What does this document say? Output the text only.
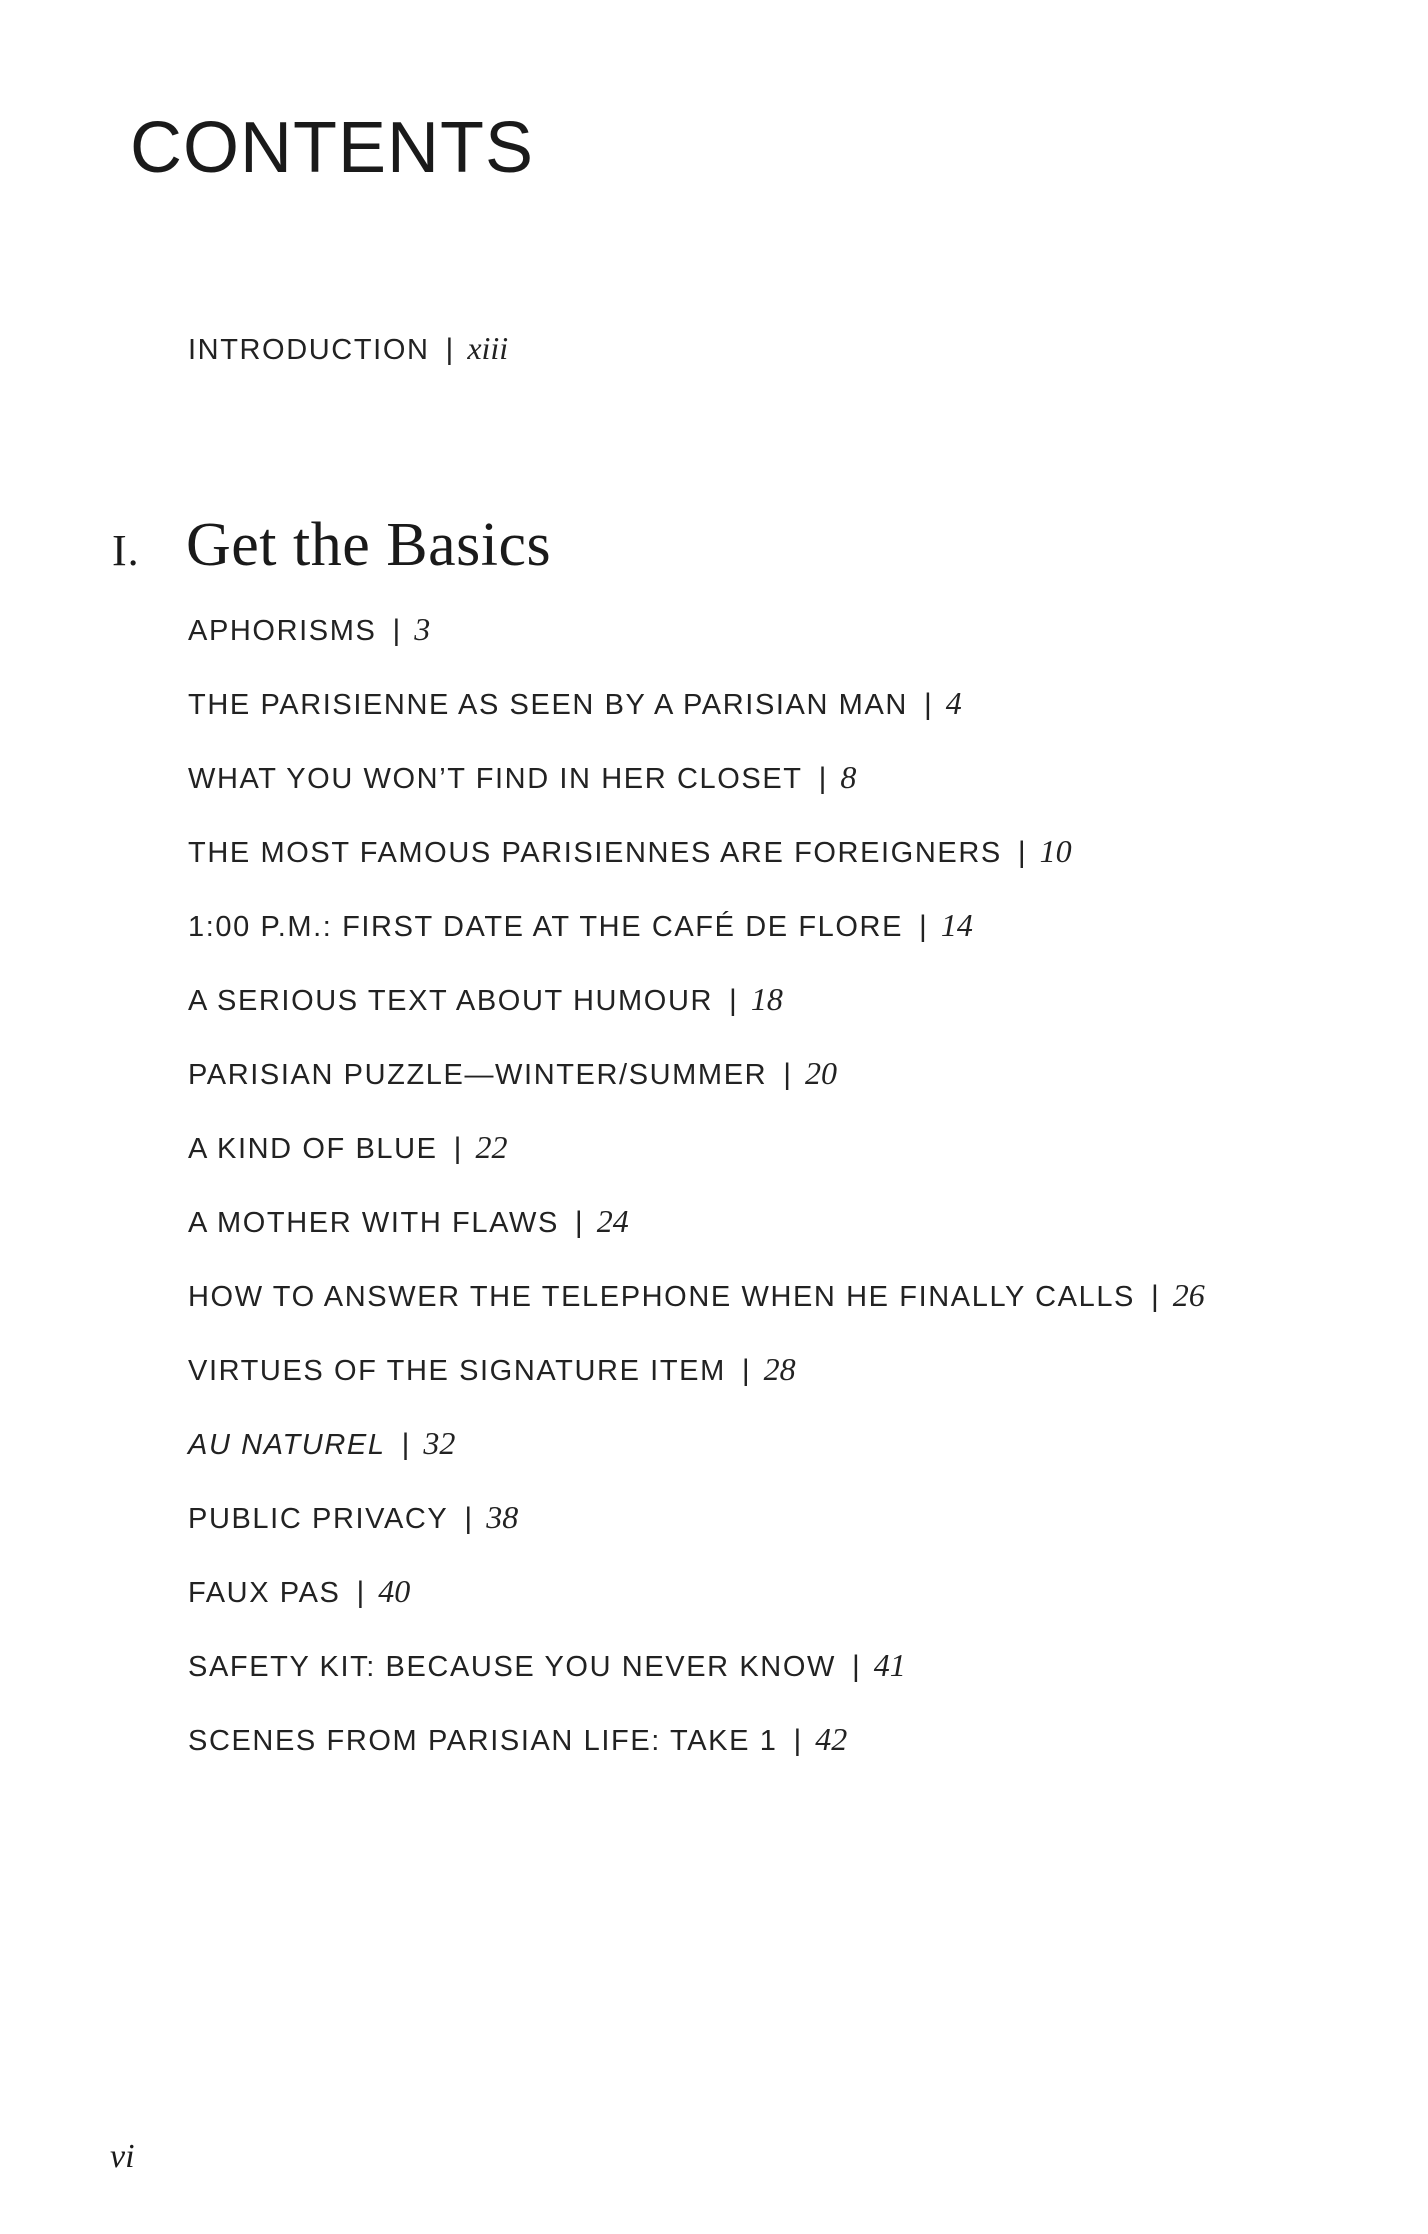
CONTENTS
INTRODUCTION | xiii
I. Get the Basics
APHORISMS | 3
THE PARISIENNE AS SEEN BY A PARISIAN MAN | 4
WHAT YOU WON’T FIND IN HER CLOSET | 8
THE MOST FAMOUS PARISIENNES ARE FOREIGNERS | 10
1:00 P.M.: FIRST DATE AT THE CAFÉ DE FLORE | 14
A SERIOUS TEXT ABOUT HUMOUR | 18
PARISIAN PUZZLE—WINTER/SUMMER | 20
A KIND OF BLUE | 22
A MOTHER WITH FLAWS | 24
HOW TO ANSWER THE TELEPHONE WHEN HE FINALLY CALLS | 26
VIRTUES OF THE SIGNATURE ITEM | 28
AU NATUREL | 32
PUBLIC PRIVACY | 38
FAUX PAS | 40
SAFETY KIT: BECAUSE YOU NEVER KNOW | 41
SCENES FROM PARISIAN LIFE: TAKE 1 | 42
vi
